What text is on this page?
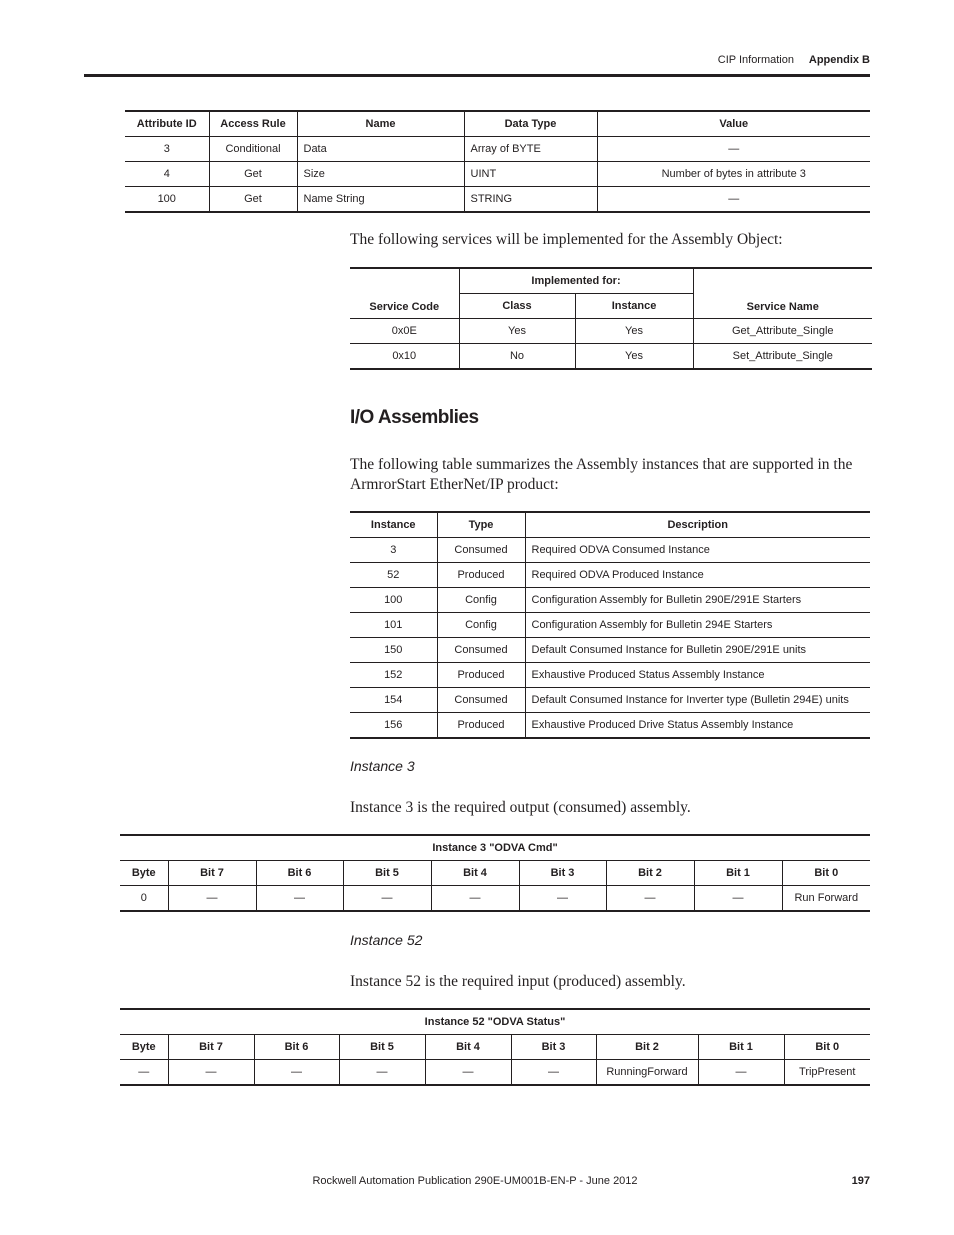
CIP Information Appendix B
Attribute ID	Access Rule	Name	Data Type	Value
3	Conditional	Data	Array of BYTE	—
4	Get	Size	UINT	Number of bytes in attribute 3
100	Get	Name String	STRING	—
The following services will be implemented for the Assembly Object:
Service Code	Implemented for:		Service Name
	Class	Instance	
0x0E	Yes	Yes	Get_Attribute_Single
0x10	No	Yes	Set_Attribute_Single
I/O Assemblies
The following table summarizes the Assembly instances that are supported in the ArmrorStart EtherNet/IP product:
Instance	Type	Description
3	Consumed	Required ODVA Consumed Instance
52	Produced	Required ODVA Produced Instance
100	Config	Configuration Assembly for Bulletin 290E/291E Starters
101	Config	Configuration Assembly for Bulletin 294E Starters
150	Consumed	Default Consumed Instance for Bulletin 290E/291E units
152	Produced	Exhaustive Produced Status Assembly Instance
154	Consumed	Default Consumed Instance for Inverter type (Bulletin 294E) units
156	Produced	Exhaustive Produced Drive Status Assembly Instance
Instance 3
Instance 3 is the required output (consumed) assembly.
Instance 3 "ODVA Cmd"								
Byte	Bit 7	Bit 6	Bit 5	Bit 4	Bit 3	Bit 2	Bit 1	Bit 0
0	—	—	—	—	—	—	—	Run Forward
Instance 52
Instance 52 is the required input (produced) assembly.
Instance 52 "ODVA Status"								
Byte	Bit 7	Bit 6	Bit 5	Bit 4	Bit 3	Bit 2	Bit 1	Bit 0
—	—	—	—	—	—	RunningForward	—	TripPresent
Rockwell Automation Publication 290E-UM001B-EN-P - June 2012	197
